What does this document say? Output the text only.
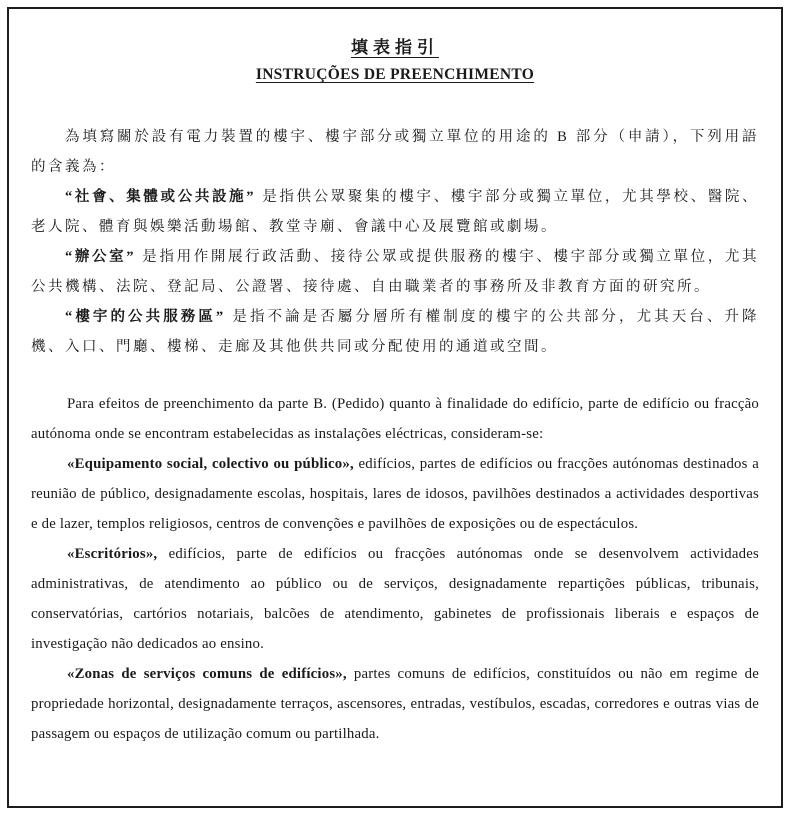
填表指引
INSTRUÇÕES DE PREENCHIMENTO

為填寫關於設有電力裝置的樓宇、樓宇部分或獨立單位的用途的 B 部分（申請），下列用語的含義為：

“社會、集體或公共設施” 是指供公眾聚集的樓宇、樓宇部分或獨立單位，尤其學校、醫院、老人院、體育與娛樂活動場館、教堂寺廟、會議中心及展覽館或劇場。

“辦公室” 是指用作開展行政活動、接待公眾或提供服務的樓宇、樓宇部分或獨立單位，尤其公共機構、法院、登記局、公證署、接待處、自由職業者的事務所及非教育方面的研究所。

“樓宇的公共服務區” 是指不論是否屬分層所有權制度的樓宇的公共部分，尤其天台、升降機、入口、門廳、樓梯、走廊及其他供共同或分配使用的通道或空間。

Para efeitos de preenchimento da parte B. (Pedido) quanto à finalidade do edifício, parte de edifício ou fracção autónoma onde se encontram estabelecidas as instalações eléctricas, consideram-se:

«Equipamento social, colectivo ou público», edifícios, partes de edifícios ou fracções autónomas destinados a reunião de público, designadamente escolas, hospitais, lares de idosos, pavilhões destinados a actividades desportivas e de lazer, templos religiosos, centros de convenções e pavilhões de exposições ou de espectáculos.

«Escritórios», edifícios, parte de edifícios ou fracções autónomas onde se desenvolvem actividades administrativas, de atendimento ao público ou de serviços, designadamente repartições públicas, tribunais, conservatórias, cartórios notariais, balcões de atendimento, gabinetes de profissionais liberais e espaços de investigação não dedicados ao ensino.

«Zonas de serviços comuns de edifícios», partes comuns de edifícios, constituídos ou não em regime de propriedade horizontal, designadamente terraços, ascensores, entradas, vestíbulos, escadas, corredores e outras vias de passagem ou espaços de utilização comum ou partilhada.
